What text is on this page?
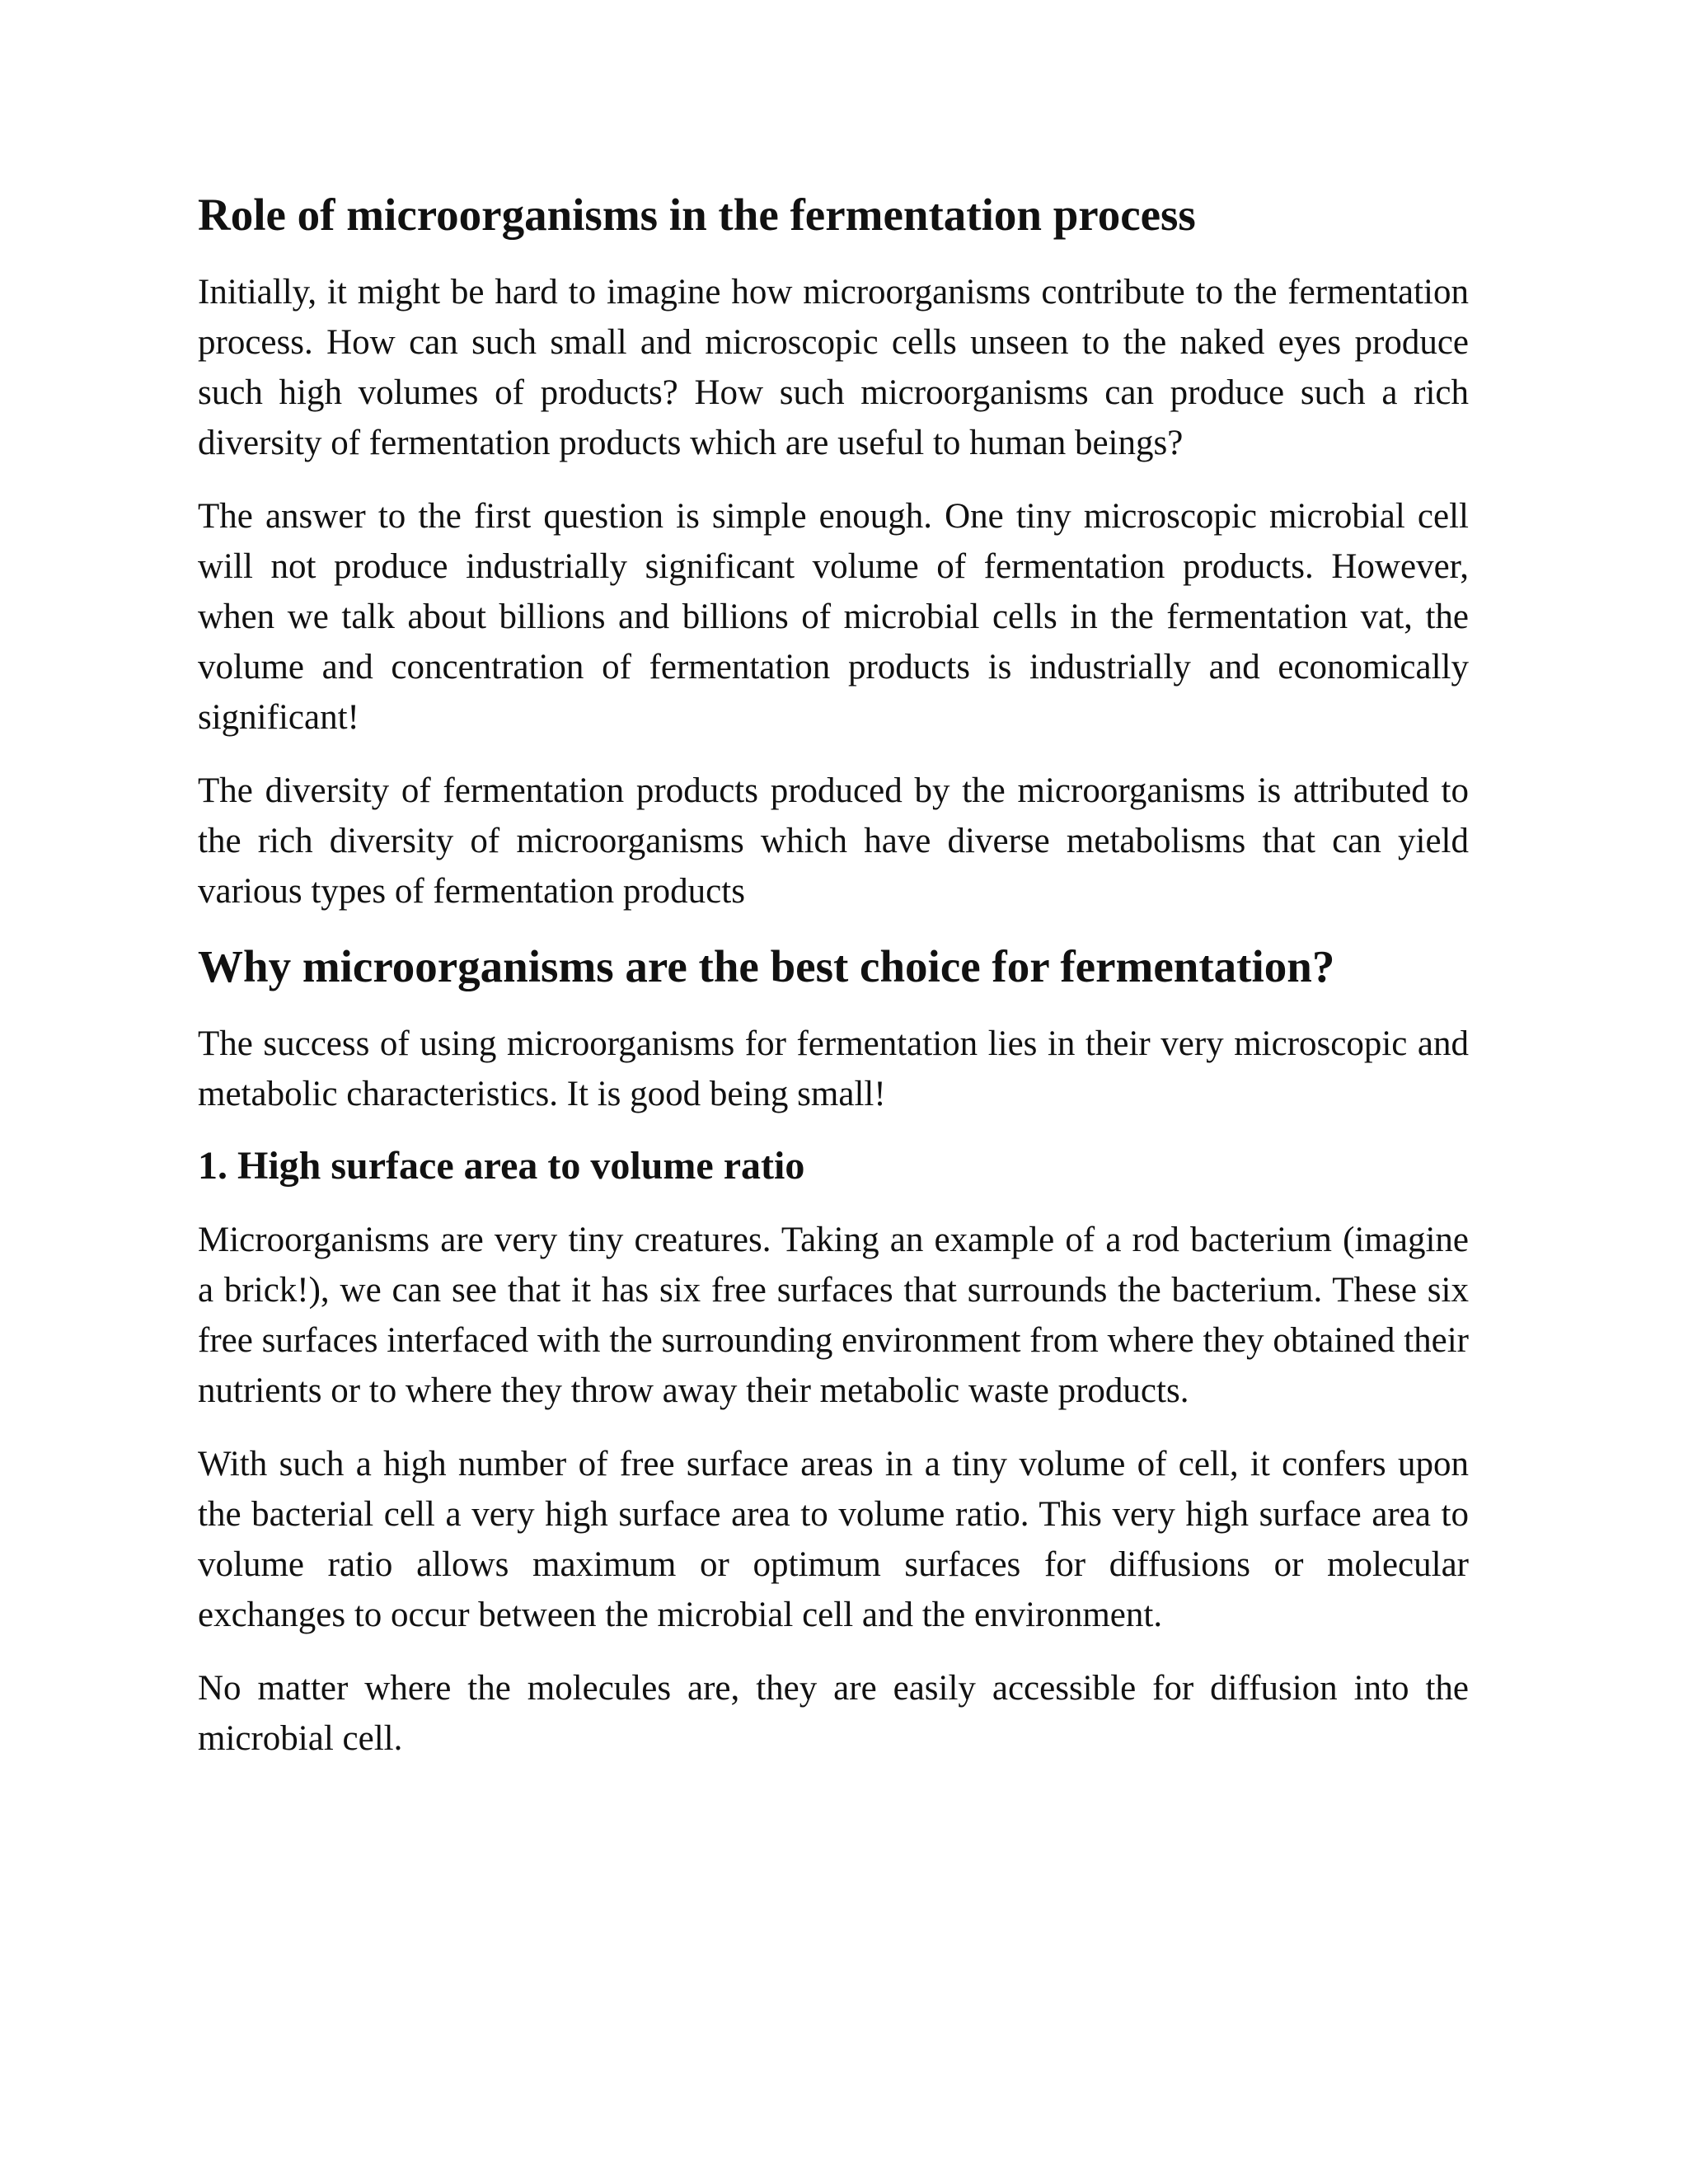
Role of microorganisms in the fermentation process

Initially, it might be hard to imagine how microorganisms contribute to the fermentation process. How can such small and microscopic cells unseen to the naked eyes produce such high volumes of products? How such microorganisms can produce such a rich diversity of fermentation products which are useful to human beings?

The answer to the first question is simple enough. One tiny microscopic microbial cell will not produce industrially significant volume of fermentation products. However, when we talk about billions and billions of microbial cells in the fermentation vat, the volume and concentration of fermentation products is industrially and economically significant!

The diversity of fermentation products produced by the microorganisms is attributed to the rich diversity of microorganisms which have diverse metabolisms that can yield various types of fermentation products

Why microorganisms are the best choice for fermentation?

The success of using microorganisms for fermentation lies in their very microscopic and metabolic characteristics. It is good being small!

1. High surface area to volume ratio

Microorganisms are very tiny creatures. Taking an example of a rod bacterium (imagine a brick!), we can see that it has six free surfaces that surrounds the bacterium. These six free surfaces interfaced with the surrounding environment from where they obtained their nutrients or to where they throw away their metabolic waste products.

With such a high number of free surface areas in a tiny volume of cell, it confers upon the bacterial cell a very high surface area to volume ratio. This very high surface area to volume ratio allows maximum or optimum surfaces for diffusions or molecular exchanges to occur between the microbial cell and the environment.

No matter where the molecules are, they are easily accessible for diffusion into the microbial cell.
